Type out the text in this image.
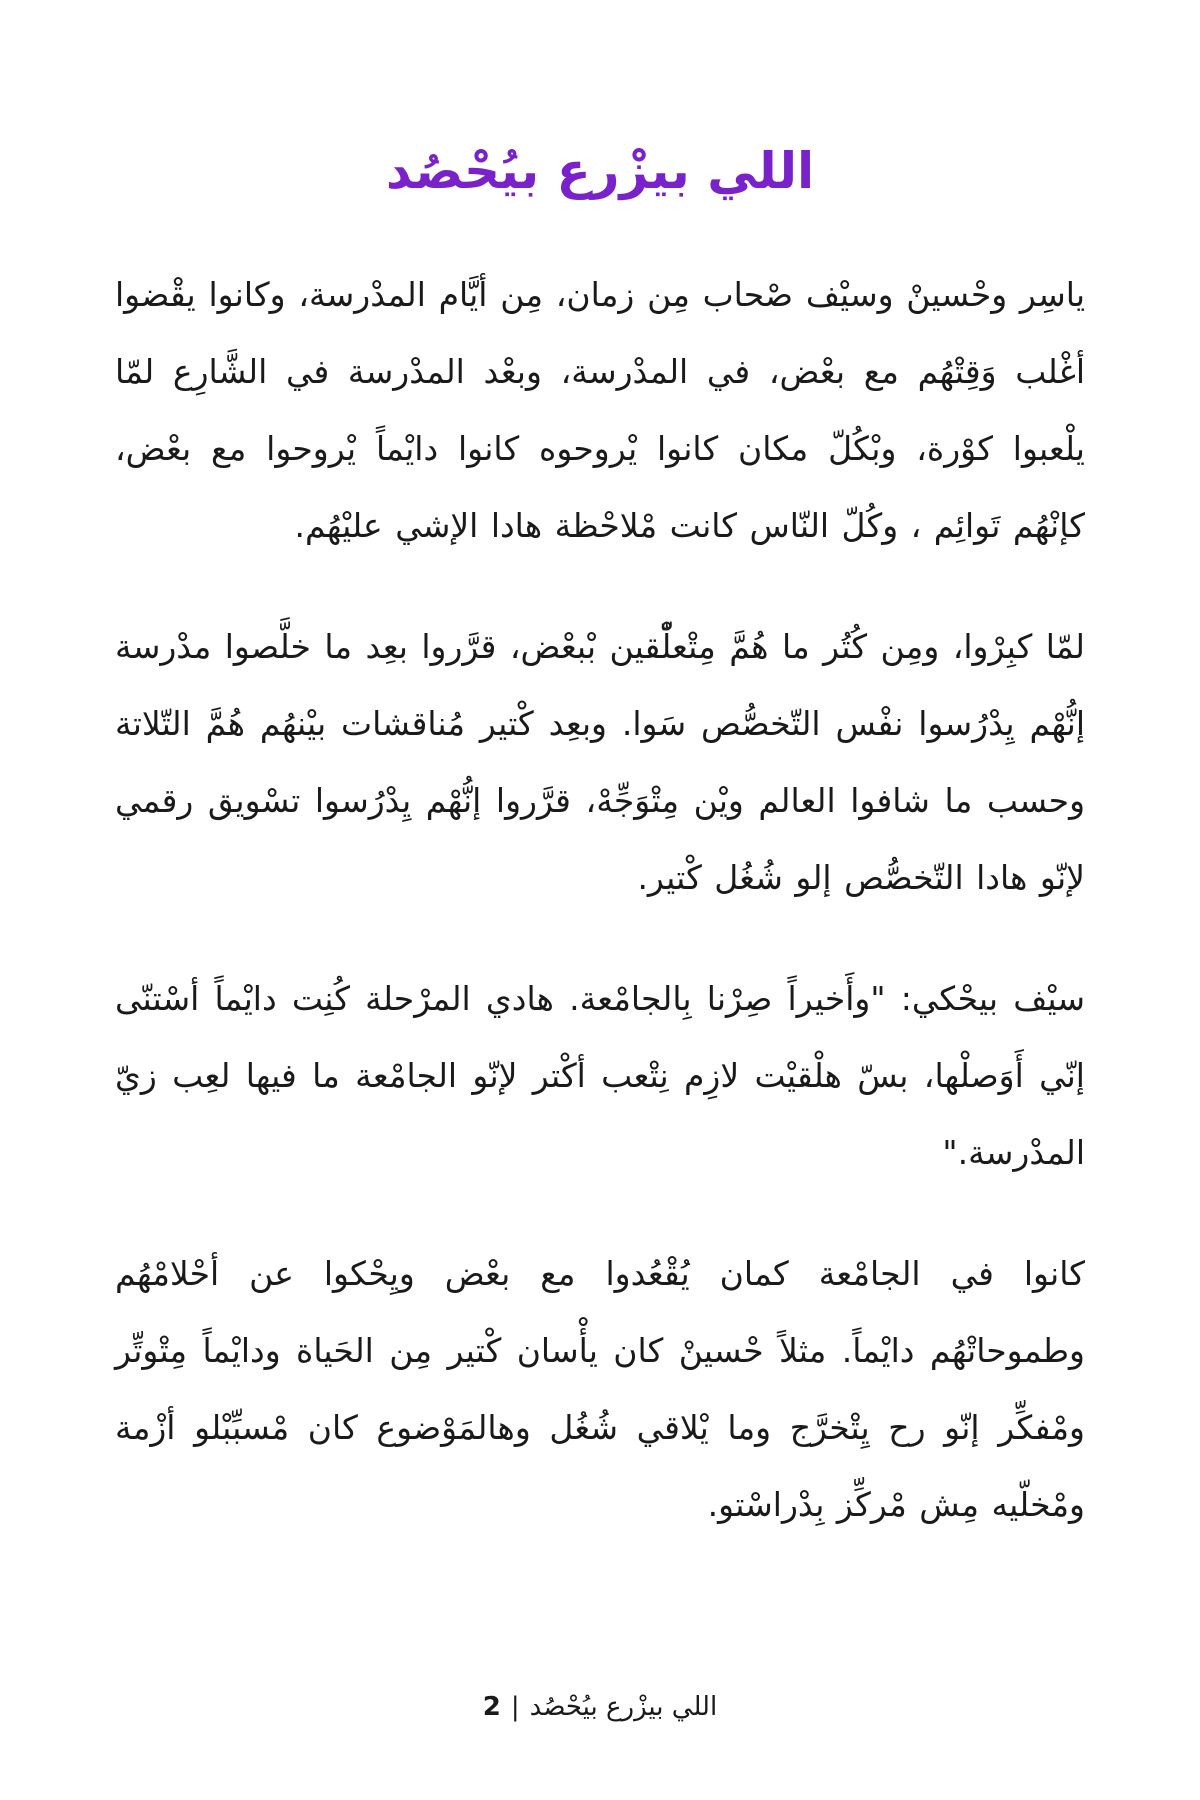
اللي بيزْرع بيُحْصُد

ياسر وحسين وسيف صحاب من زمان، من أيام المدرسة، وكانوا يقضوا أغلب وقتهم مع بعض، في المدرسة، وبعد المدرسة في الشارع لما يلعبوا كورة، وبكل مكان كانوا يروحوه كانوا دايما يروحوا مع بعض، كإنهم توائم ، وكل الناس كانت ملاحظة هادا الإشي عليهم.

لما كبروا، ومن كتر ما هم متعلقين ببعض، قرروا بعد ما خلصوا مدرسة إنهم يدرسوا نفس التخصص سوا. وبعد كتير مناقشات بينهم هم التلاتة وحسب ما شافوا العالم وين متوجه، قرروا إنهم يدرسوا تسويق رقمي لإنو هادا التخصص إلو شغل كتير.

سيف بيحكي: "وأخيرا صرنا بالجامعة. هادي المرحلة كنت دايما أستنى إني أوصلها، بس هلقيت لازم نتعب أكتر لإنو الجامعة ما فيها لعب زي المدرسة."

كانوا في الجامعة كمان يقعدوا مع بعض ويحكوا عن أحلامهم وطموحاتهم دايما. مثلا حسين كان يأسان كتير من الحياة ودايما متوتر ومفكر إنو رح يتخرج وما يلاقي شغل وهالموضوع كان مسببلو أزمة ومخليه مش مركز بدراستو.

اللي بيزرع بيحصد|2
